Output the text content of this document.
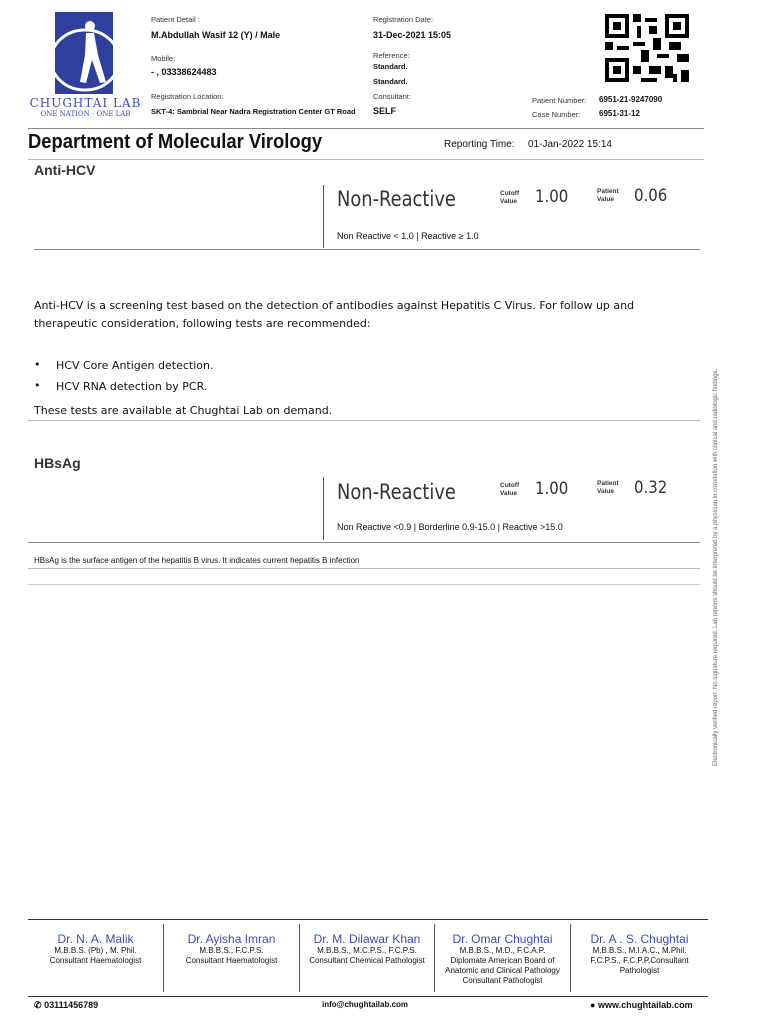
CHUGHTAI LAB
ONE NATION · ONE LAB
Patient Detail :
M.Abdullah Wasif 12 (Y) / Male
Mobile:
- , 03338624483
Registration Location:
SKT-4: Sambrial Near Nadra Registration Center GT Road
Registration Date:
31-Dec-2021 15:05
Reference:
Standard.
Standard.
Consultant:
SELF
Patient Number: 6951-21-9247090
Case Number: 6951-31-12
Department of Molecular Virology	Reporting Time: 01-Jan-2022 15:14
Anti-HCV
Non-Reactive	Cutoff
Value 1.00	Patient
Value 0.06
Non Reactive < 1.0 | Reactive ≥ 1.0
Anti-HCV is a screening test based on the detection of antibodies against Hepatitis C Virus. For follow up and therapeutic consideration, following tests are recommended:
• HCV Core Antigen detection.
• HCV RNA detection by PCR.
These tests are available at Chughtai Lab on demand.
HBsAg
Non-Reactive	Cutoff
Value 1.00	Patient
Value 0.32
Non Reactive <0.9 | Borderline 0.9-15.0 | Reactive >15.0
HBsAg is the surface antigen of the hepatitis B virus. It indicates current hepatitis B infection	Electronically verified report. No signature required. Lab reports should be interpreted by a physician in correlation with clinical and radiologic findings.
Dr. N. A. Malik
M.B.B.S. (Pb) , M. Phil.
Consultant Haematologist
Dr. Ayisha Imran
M.B.B.S., F.C.P.S.
Consultant Haematologist
Dr. M. Dilawar Khan
M.B.B.S., M.C.P.S., F.C.P.S.
Consultant Chemical Pathologist
Dr. Omar Chughtai
M.B.B.S., M.D., F.C.A.P.
Diplomate American Board of Anatomic and Clinical Pathology Consultant Pathologist
Dr. A . S. Chughtai
M.B.B.S., M.I.A.C., M.Phil.
F.C.P.S., F.C.P.P.Consultant Pathologist
✆ 03111456789	info@chughtailab.com	● www.chughtailab.com
